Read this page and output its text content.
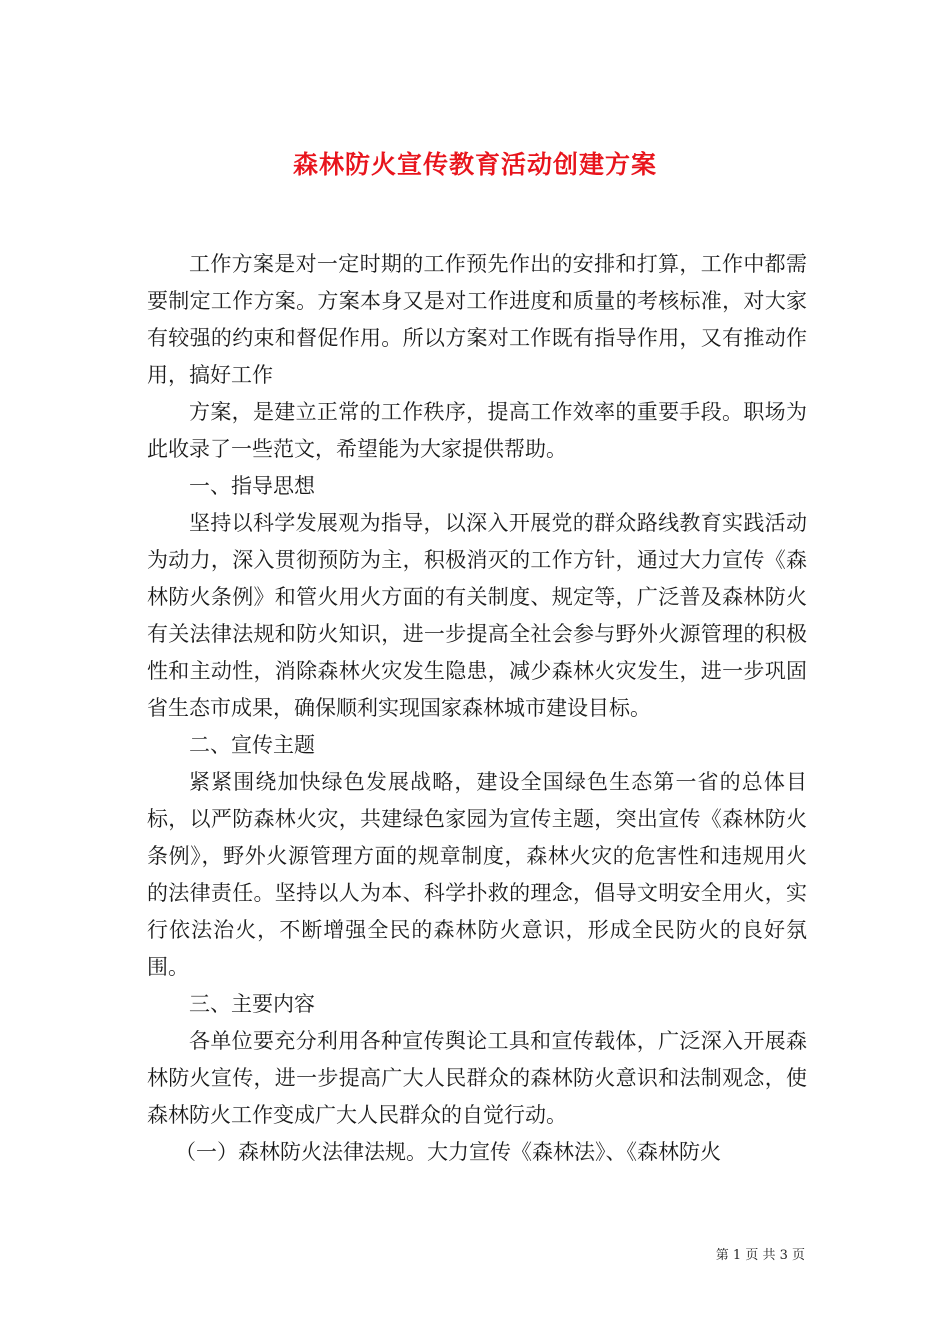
森林防火宣传教育活动创建方案

工作方案是对一定时期的工作预先作出的安排和打算，工作中都需要制定工作方案。方案本身又是对工作进度和质量的考核标准，对大家有较强的约束和督促作用。所以方案对工作既有指导作用，又有推动作用，搞好工作

方案，是建立正常的工作秩序，提高工作效率的重要手段。职场为此收录了一些范文，希望能为大家提供帮助。

一、指导思想

坚持以科学发展观为指导，以深入开展党的群众路线教育实践活动为动力，深入贯彻预防为主，积极消灭的工作方针，通过大力宣传《森林防火条例》和管火用火方面的有关制度、规定等，广泛普及森林防火有关法律法规和防火知识，进一步提高全社会参与野外火源管理的积极性和主动性，消除森林火灾发生隐患，减少森林火灾发生，进一步巩固省生态市成果，确保顺利实现国家森林城市建设目标。

二、宣传主题

紧紧围绕加快绿色发展战略，建设全国绿色生态第一省的总体目标，以严防森林火灾，共建绿色家园为宣传主题，突出宣传《森林防火条例》，野外火源管理方面的规章制度，森林火灾的危害性和违规用火的法律责任。坚持以人为本、科学扑救的理念，倡导文明安全用火，实行依法治火，不断增强全民的森林防火意识，形成全民防火的良好氛围。

三、主要内容

各单位要充分利用各种宣传舆论工具和宣传载体，广泛深入开展森林防火宣传，进一步提高广大人民群众的森林防火意识和法制观念，使森林防火工作变成广大人民群众的自觉行动。

（一）森林防火法律法规。大力宣传《森林法》、《森林防火

第 1 页 共 3 页
